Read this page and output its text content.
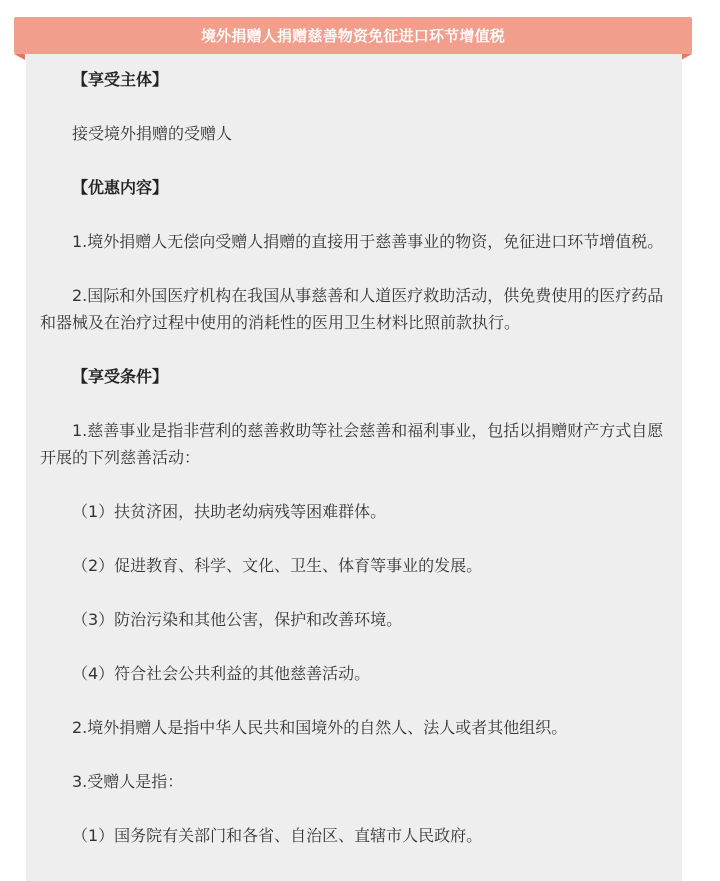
境外捐赠人捐赠慈善物资免征进口环节增值税

【享受主体】

接受境外捐赠的受赠人

【优惠内容】

1.境外捐赠人无偿向受赠人捐赠的直接用于慈善事业的物资，免征进口环节增值税。

2.国际和外国医疗机构在我国从事慈善和人道医疗救助活动，供免费使用的医疗药品和器械及在治疗过程中使用的消耗性的医用卫生材料比照前款执行。

【享受条件】

1.慈善事业是指非营利的慈善救助等社会慈善和福利事业，包括以捐赠财产方式自愿开展的下列慈善活动：

（1）扶贫济困，扶助老幼病残等困难群体。

（2）促进教育、科学、文化、卫生、体育等事业的发展。

（3）防治污染和其他公害，保护和改善环境。

（4）符合社会公共利益的其他慈善活动。

2.境外捐赠人是指中华人民共和国境外的自然人、法人或者其他组织。

3.受赠人是指：

（1）国务院有关部门和各省、自治区、直辖市人民政府。
